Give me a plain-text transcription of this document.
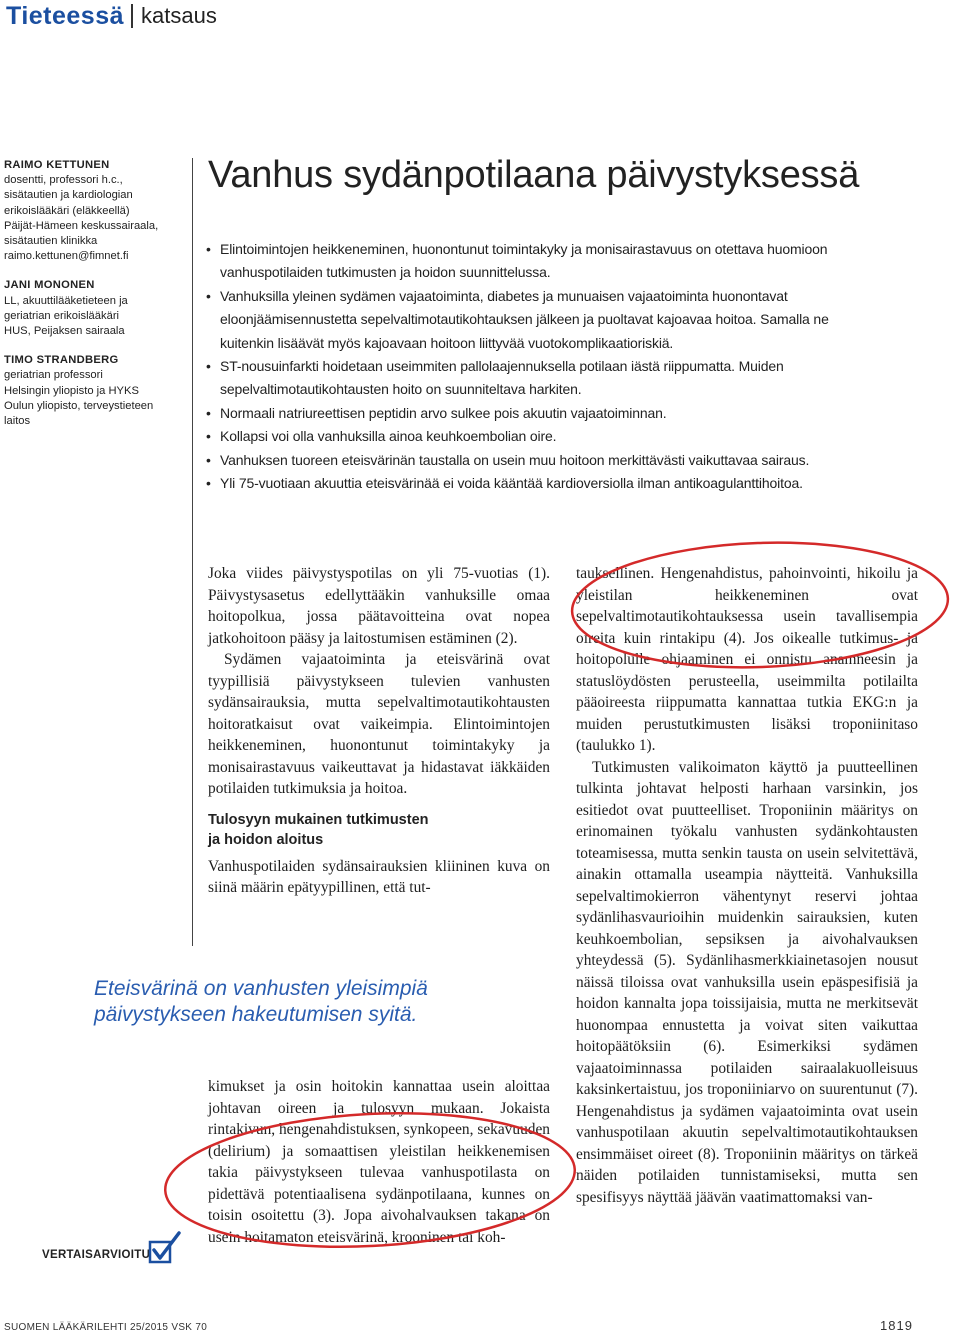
Tieteessä katsaus
RAIMO KETTUNEN
dosentti, professori h.c.,
sisätautien ja kardiologian
erikoislääkäri (eläkkeellä)
Päijät-Hämeen keskussairaala,
sisätautien klinikka
raimo.kettunen@fimnet.fi
JANI MONONEN
LL, akuuttilääketieteen ja
geriatrian erikoislääkäri
HUS, Peijaksen sairaala
TIMO STRANDBERG
geriatrian professori
Helsingin yliopisto ja HYKS
Oulun yliopisto, terveystieteen
laitos
Vanhus sydänpotilaana päivystyksessä
• Elintoimintojen heikkeneminen, huonontunut toimintakyky ja monisairastavuus on otettava huomioon vanhuspotilaiden tutkimusten ja hoidon suunnittelussa.
• Vanhuksilla yleinen sydämen vajaatoiminta, diabetes ja munuaisen vajaatoiminta huonontavat eloonjäämisennustetta sepelvaltimotautikohtauksen jälkeen ja puoltavat kajoavaa hoitoa. Samalla ne kuitenkin lisäävät myös kajoavaan hoitoon liittyvää vuotokomplikaatioriskiä.
• ST-nousuinfarkti hoidetaan useimmiten pallolaajennuksella potilaan iästä riippumatta. Muiden sepelvaltimotautikohtausten hoito on suunniteltava harkiten.
• Normaali natriureettisen peptidin arvo sulkee pois akuutin vajaatoiminnan.
• Kollapsi voi olla vanhuksilla ainoa keuhkoembolian oire.
• Vanhuksen tuoreen eteisvärinän taustalla on usein muu hoitoon merkittävästi vaikuttavaa sairaus.
• Yli 75-vuotiaan akuuttia eteisvärinää ei voida kääntää kardioversiolla ilman antikoagulanttihoitoa.

Joka viides päivystyspotilas on yli 75-vuotias (1). Päivystysasetus edellyttääkin vanhuksille omaa hoitopolkua, jossa päätavoitteina ovat nopea jatkohoitoon pääsy ja laitostumisen estäminen (2).

Sydämen vajaatoiminta ja eteisvärinä ovat tyypillisiä päivystykseen tulevien vanhusten sydänsairauksia, mutta sepelvaltimotautikohtausten hoitoratkaisut ovat vaikeimpia. Elintoimintojen heikkeneminen, huonontunut toimintakyky ja monisairastavuus vaikeuttavat ja hidastavat iäkkäiden potilaiden tutkimuksia ja hoitoa.

Tulosyyn mukainen tutkimusten
ja hoidon aloitus

Vanhuspotilaiden sydänsairauksien kliininen kuva on siinä määrin epätyypillinen, että tut-

Eteisvärinä on vanhusten yleisimpiä
päivystykseen hakeutumisen syitä.

kimukset ja osin hoitokin kannattaa usein aloittaa johtavan oireen ja tulosyyn mukaan. Jokaista rintakivun, hengenahdistuksen, synkopeen, sekavuuden (delirium) ja somaattisen yleistilan heikkenemisen takia päivystykseen tulevaa vanhuspotilasta on pidettävä potentiaalisena sydänpotilaana, kunnes on toisin osoitettu (3). Jopa aivohalvauksen takana on usein hoitamaton eteisvärinä, krooninen tai koh-

tauksellinen. Hengenahdistus, pahoinvointi, hikoilu ja yleistilan heikkeneminen ovat sepelvaltimotautikohtauksessa usein tavallisempia oireita kuin rintakipu (4). Jos oikealle tutkimus- ja hoitopolulle ohjaaminen ei onnistu anamneesin ja statuslöydösten perusteella, useimmilta potilailta pääoireesta riippumatta kannattaa tutkia EKG:n ja muiden perustutkimusten lisäksi troponiinitaso (taulukko 1).

Tutkimusten valikoimaton käyttö ja puutteellinen tulkinta johtavat helposti harhaan varsinkin, jos esitiedot ovat puutteelliset. Troponiinin määritys on erinomainen työkalu vanhusten sydänkohtausten toteamisessa, mutta senkin tausta on usein selvitettävä, ainakin ottamalla useampia näytteitä. Vanhuksilla sepelvaltimokierron vähentynyt reservi johtaa sydänlihasvaurioihin muidenkin sairauksien, kuten keuhkoembolian, sepsiksen ja aivohalvauksen yhteydessä (5). Sydänlihasmerkkiainetasojen nousut näissä tiloissa ovat vanhuksilla usein epäspesifisiä ja hoidon kannalta jopa toissijaisia, mutta ne merkitsevät huonompaa ennustetta ja voivat siten vaikuttaa hoitopäätöksiin (6). Esimerkiksi sydämen vajaatoiminnassa potilaiden sairaalakuolleisuus kaksinkertaistuu, jos troponiiniarvo on suurentunut (7). Hengenahdistus ja sydämen vajaatoiminta ovat usein vanhuspotilaan akuutin sepelvaltimotautikohtauksen ensimmäiset oireet (8). Troponiinin määritys on tärkeä näiden potilaiden tunnistamiseksi, mutta sen spesifisyys näyttää jäävän vaatimattomaksi van-

VERTAISARVIOITU
SUOMEN LÄÄKÄRILEHTI 25/2015 VSK 70	1819
